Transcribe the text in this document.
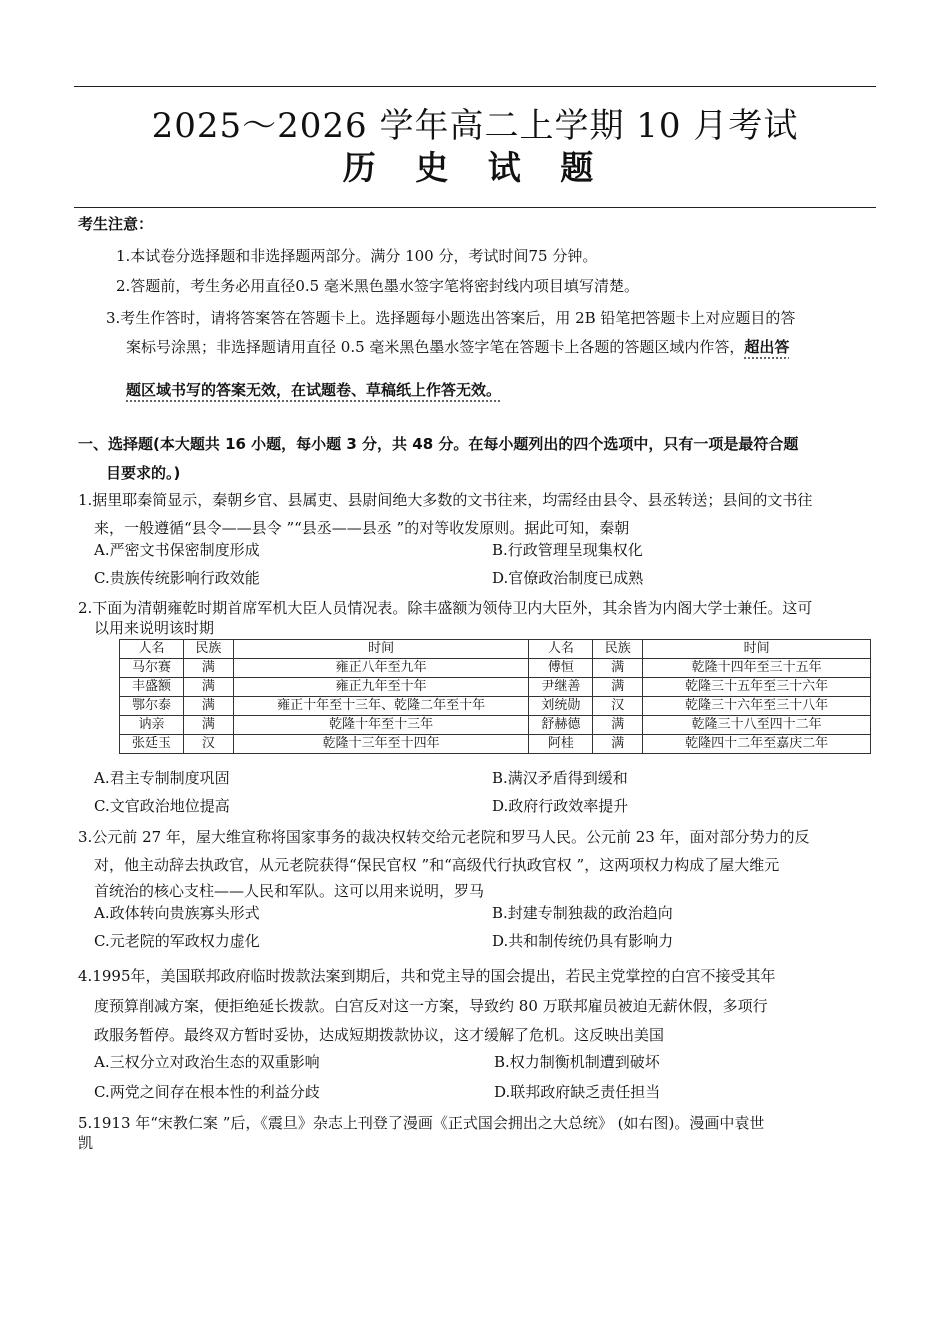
2025～2026 学年高二上学期 10 月考试
历 史 试 题
考生注意：
1.本试卷分选择题和非选择题两部分。满分 100 分，考试时间75 分钟。
2.答题前，考生务必用直径0.5 毫米黑色墨水签字笔将密封线内项目填写清楚。
3.考生作答时，请将答案答在答题卡上。选择题每小题选出答案后，用 2B 铅笔把答题卡上对应题目的答
案标号涂黑；非选择题请用直径 0.5 毫米黑色墨水签字笔在答题卡上各题的答题区域内作答，超出答
题区域书写的答案无效，在试题卷、草稿纸上作答无效。
一、选择题(本大题共 16 小题，每小题 3 分，共 48 分。在每小题列出的四个选项中，只有一项是最符合题
目要求的。)
1.据里耶秦简显示，秦朝乡官、县属吏、县尉间绝大多数的文书往来，均需经由县令、县丞转送；县间的文书往
来，一般遵循“县令——县令 ”“县丞——县丞 ”的对等收发原则。据此可知，秦朝
A.严密文书保密制度形成	B.行政管理呈现集权化
C.贵族传统影响行政效能	D.官僚政治制度已成熟
2.下面为清朝雍乾时期首席军机大臣人员情况表。除丰盛额为领侍卫内大臣外，其余皆为内阁大学士兼任。这可
以用来说明该时期
人名	民族	时间	人名	民族	时间
马尔赛	满	雍正八年至九年	傅恒	满	乾隆十四年至三十五年
丰盛额	满	雍正九年至十年	尹继善	满	乾隆三十五年至三十六年
鄂尔泰	满	雍正十年至十三年、乾隆二年至十年	刘统勋	汉	乾隆三十六年至三十八年
讷亲	满	乾隆十年至十三年	舒赫德	满	乾隆三十八至四十二年
张廷玉	汉	乾隆十三年至十四年	阿桂	满	乾隆四十二年至嘉庆二年
A.君主专制制度巩固	B.满汉矛盾得到缓和
C.文官政治地位提高	D.政府行政效率提升
3.公元前 27 年，屋大维宣称将国家事务的裁决权转交给元老院和罗马人民。公元前 23 年，面对部分势力的反
对，他主动辞去执政官，从元老院获得“保民官权 ”和“高级代行执政官权 ”，这两项权力构成了屋大维元
首统治的核心支柱——人民和军队。这可以用来说明，罗马
A.政体转向贵族寡头形式	B.封建专制独裁的政治趋向
C.元老院的军政权力虚化	D.共和制传统仍具有影响力
4.1995年，美国联邦政府临时拨款法案到期后，共和党主导的国会提出，若民主党掌控的白宫不接受其年
度预算削减方案，便拒绝延长拨款。白宫反对这一方案，导致约 80 万联邦雇员被迫无薪休假，多项行
政服务暂停。最终双方暂时妥协，达成短期拨款协议，这才缓解了危机。这反映出美国
A.三权分立对政治生态的双重影响	B.权力制衡机制遭到破坏
C.两党之间存在根本性的利益分歧	D.联邦政府缺乏责任担当
5.1913 年“宋教仁案 ”后，《震旦》杂志上刊登了漫画《正式国会拥出之大总统》 (如右图)。漫画中袁世
凯
